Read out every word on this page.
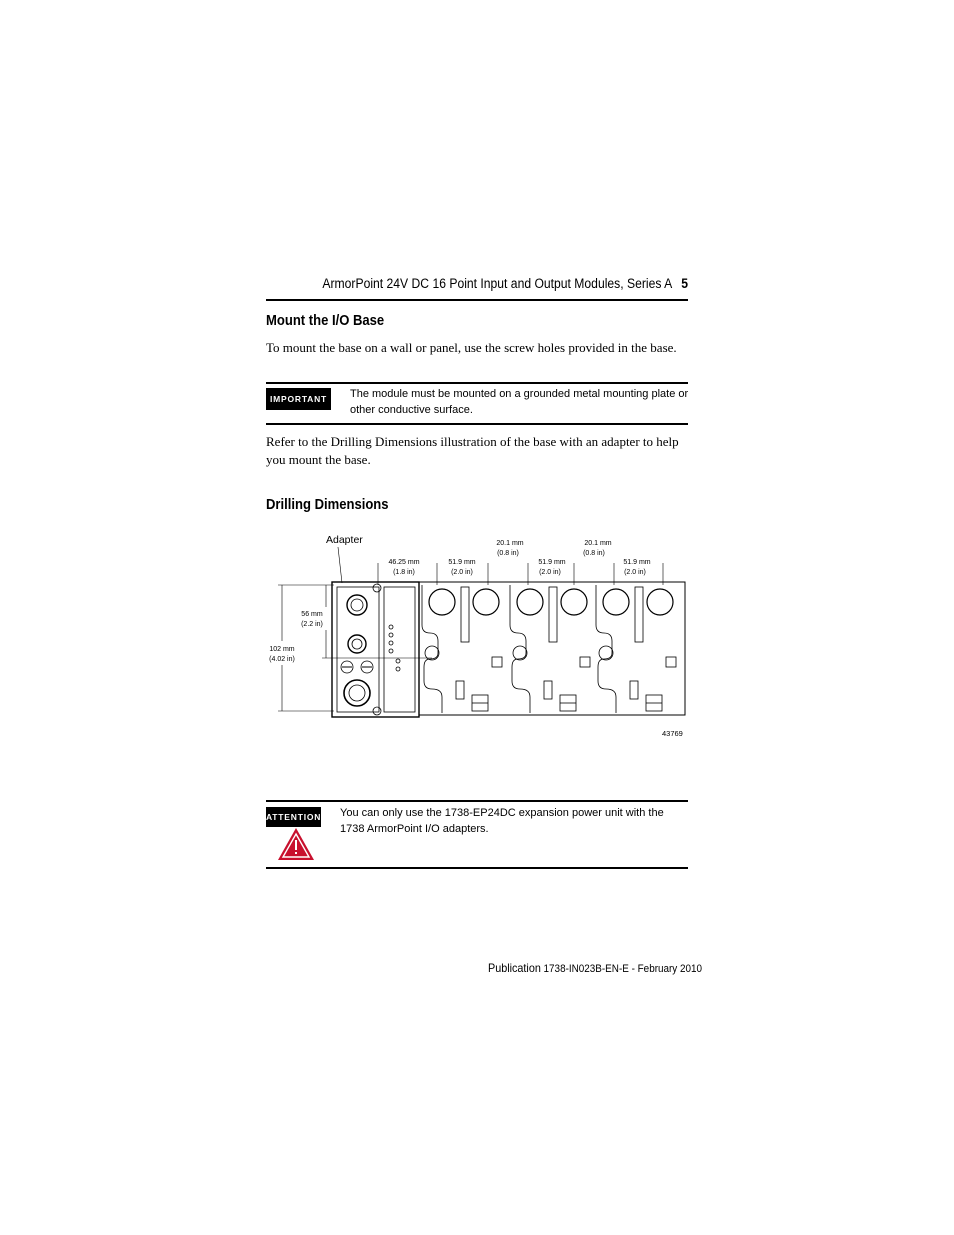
ArmorPoint 24V DC 16 Point Input and Output Modules, Series A 5
Mount the I/O Base
To mount the base on a wall or panel, use the screw holes provided in the base.
IMPORTANT	The module must be mounted on a grounded metal mounting plate or other conductive surface.
Refer to the Drilling Dimensions illustration of the base with an adapter to help you mount the base.
Drilling Dimensions
Adapter
46.25 mm
(1.8 in)
51.9 mm
(2.0 in)
20.1 mm
(0.8 in)
51.9 mm
(2.0 in)
20.1 mm
(0.8 in)
51.9 mm
(2.0 in)
56 mm
(2.2 in)
102 mm
(4.02 in)
43769
ATTENTION You can only use the 1738-EP24DC expansion power unit with the 1738 ArmorPoint I/O adapters.
Publication 1738-IN023B-EN-E - February 2010
